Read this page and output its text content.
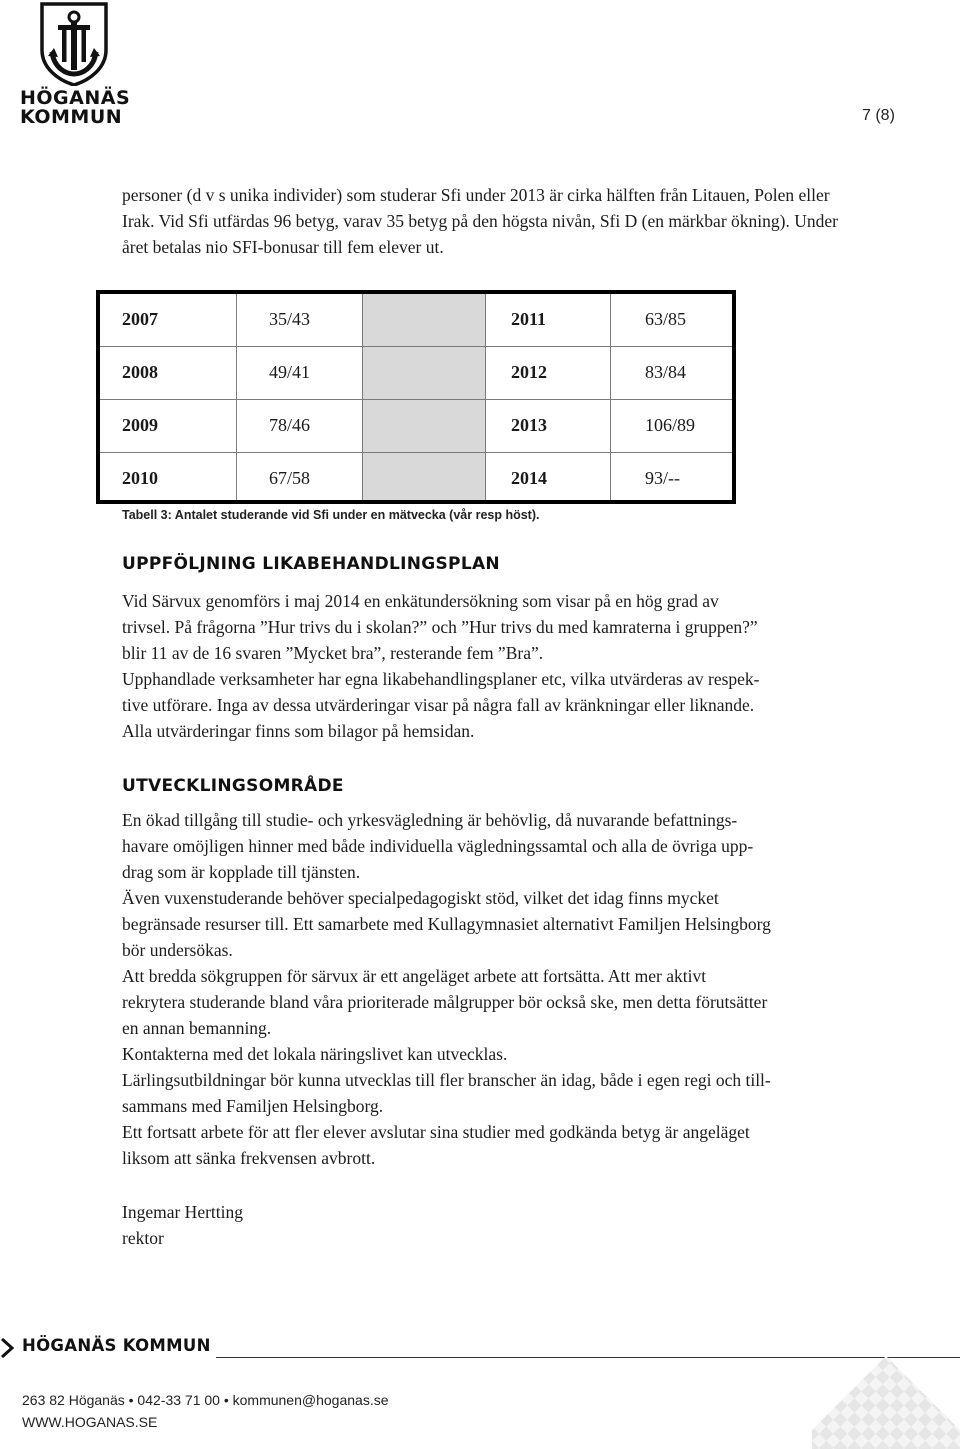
HÖGANÄS
KOMMUN	7 (8)

personer (d v s unika individer) som studerar Sfi under 2013 är cirka hälften från Litauen, Polen eller Irak. Vid Sfi utfärdas 96 betyg, varav 35 betyg på den högsta nivån, Sfi D (en märkbar ökning). Under året betalas nio SFI-bonusar till fem elever ut.

2007	35/43	2011	63/85
2008	49/41	2012	83/84
2009	78/46	2013	106/89
2010	67/58	2014	93/--
Tabell 3: Antalet studerande vid Sfi under en mätvecka (vår resp höst).
UPPFÖLJNING LIKABEHANDLINGSPLAN

Vid Särvux genomförs i maj 2014 en enkätundersökning som visar på en hög grad av

trivsel. På frågorna ”Hur trivs du i skolan?” och ”Hur trivs du med kamraterna i gruppen?”

blir 11 av de 16 svaren ”Mycket bra”, resterande fem ”Bra”.

Upphandlade verksamheter har egna likabehandlingsplaner etc, vilka utvärderas av respek-

tive utförare. Inga av dessa utvärderingar visar på några fall av kränkningar eller liknande.

Alla utvärderingar finns som bilagor på hemsidan.

UTVECKLINGSOMRÅDE

En ökad tillgång till studie- och yrkesvägledning är behövlig, då nuvarande befattnings-

havare omöjligen hinner med både individuella vägledningssamtal och alla de övriga upp-

drag som är kopplade till tjänsten.

Även vuxenstuderande behöver specialpedagogiskt stöd, vilket det idag finns mycket

begränsade resurser till. Ett samarbete med Kullagymnasiet alternativt Familjen Helsingborg

bör undersökas.

Att bredda sökgruppen för särvux är ett angeläget arbete att fortsätta. Att mer aktivt

rekrytera studerande bland våra prioriterade målgrupper bör också ske, men detta förutsätter

en annan bemanning.

Kontakterna med det lokala näringslivet kan utvecklas.

Lärlingsutbildningar bör kunna utvecklas till fler branscher än idag, både i egen regi och till-

sammans med Familjen Helsingborg.

Ett fortsatt arbete för att fler elever avslutar sina studier med godkända betyg är angeläget

liksom att sänka frekvensen avbrott.

Ingemar Hertting

rektor

HÖGANÄS KOMMUN
263 82 Höganäs • 042-33 71 00 • kommunen@hoganas.se
WWW.HOGANAS.SE
